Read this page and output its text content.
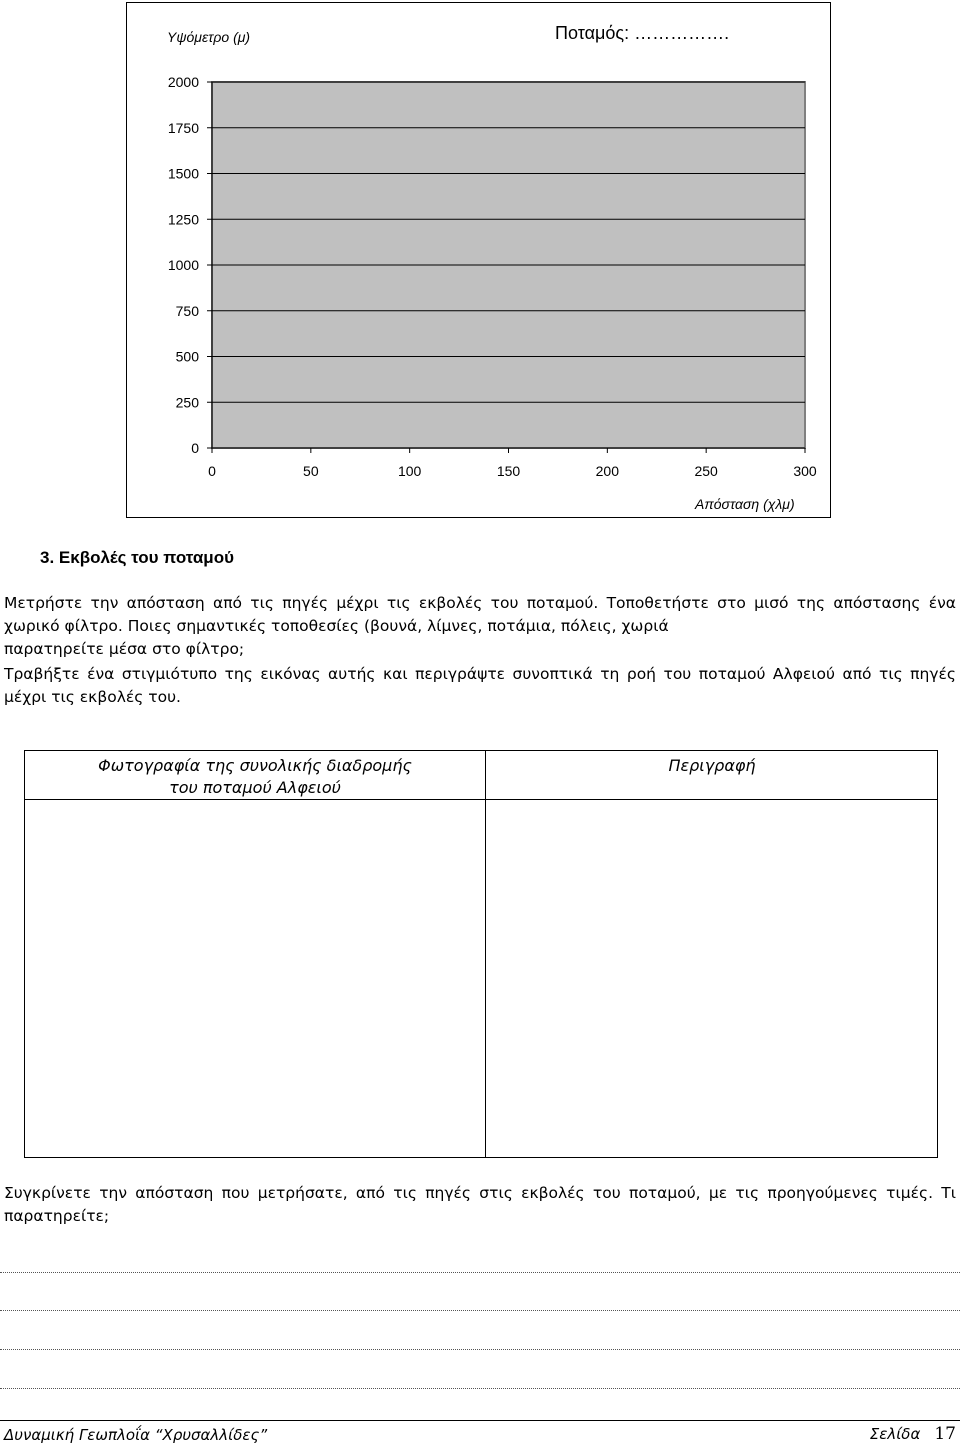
0
250
500
750
1000
1250
1500
1750
2000
0	50	100	150	200	250	300
Υψόμετρο (μ)	Ποταμός: …………….
Απόσταση (χλμ)
3. Εκβολές του ποταμού
Μετρήστε την απόσταση από τις πηγές μέχρι τις εκβολές του ποταμού. Τοποθετήστε στο μισό της απόστασης ένα χωρικό φίλτρο. Ποιες σημαντικές τοποθεσίες (βουνά, λίμνες, ποτάμια, πόλεις, χωριά
παρατηρείτε μέσα στο φίλτρο;
Τραβήξτε ένα στιγμιότυπο της εικόνας αυτής και περιγράψτε συνοπτικά τη ροή του ποταμού Αλφειού από τις πηγές μέχρι τις εκβολές του.
Φωτογραφία της συνολικής διαδρομής
του ποταμού Αλφειού
Περιγραφή
Συγκρίνετε την απόσταση που μετρήσατε, από τις πηγές στις εκβολές του ποταμού, με τις προηγούμενες τιμές. Τι παρατηρείτε;
Δυναμική Γεωπλοΐα “Χρυσαλλίδες”	Σελίδα 17
